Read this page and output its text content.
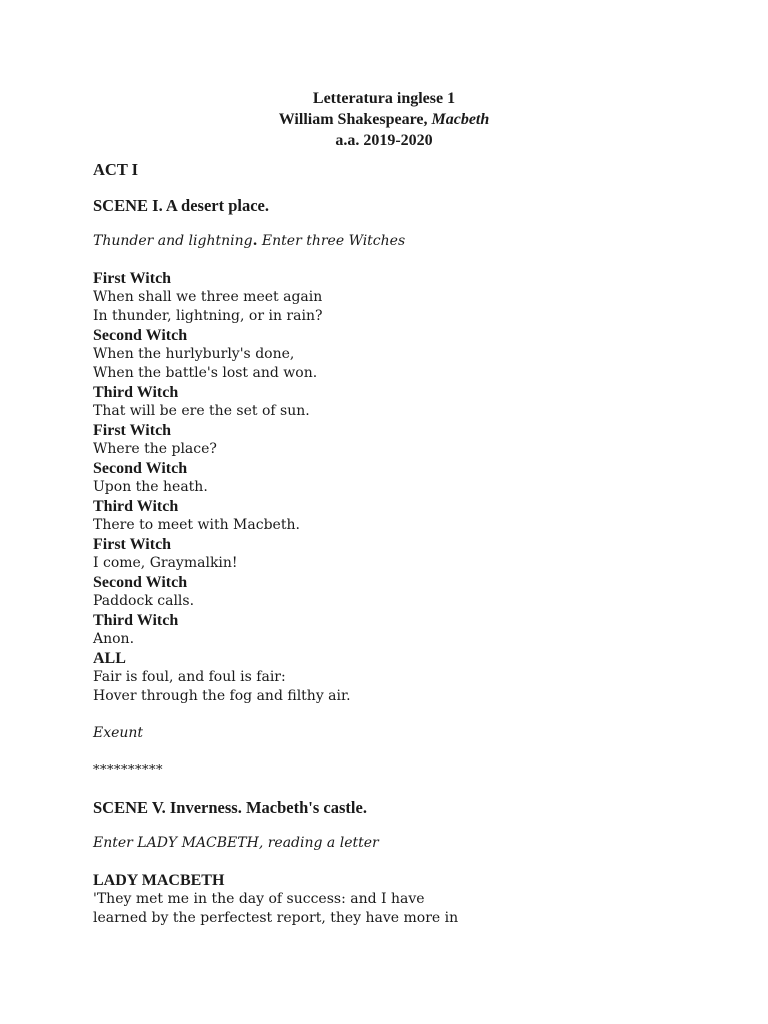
Letteratura inglese 1
William Shakespeare, Macbeth
a.a. 2019-2020
ACT I
SCENE I. A desert place.
Thunder and lightning. Enter three Witches
First Witch
When shall we three meet again
In thunder, lightning, or in rain?
Second Witch
When the hurlyburly's done,
When the battle's lost and won.
Third Witch
That will be ere the set of sun.
First Witch
Where the place?
Second Witch
Upon the heath.
Third Witch
There to meet with Macbeth.
First Witch
I come, Graymalkin!
Second Witch
Paddock calls.
Third Witch
Anon.
ALL
Fair is foul, and foul is fair:
Hover through the fog and filthy air.
Exeunt
**********
SCENE V. Inverness. Macbeth's castle.
Enter LADY MACBETH, reading a letter
LADY MACBETH
'They met me in the day of success: and I have
learned by the perfectest report, they have more in
